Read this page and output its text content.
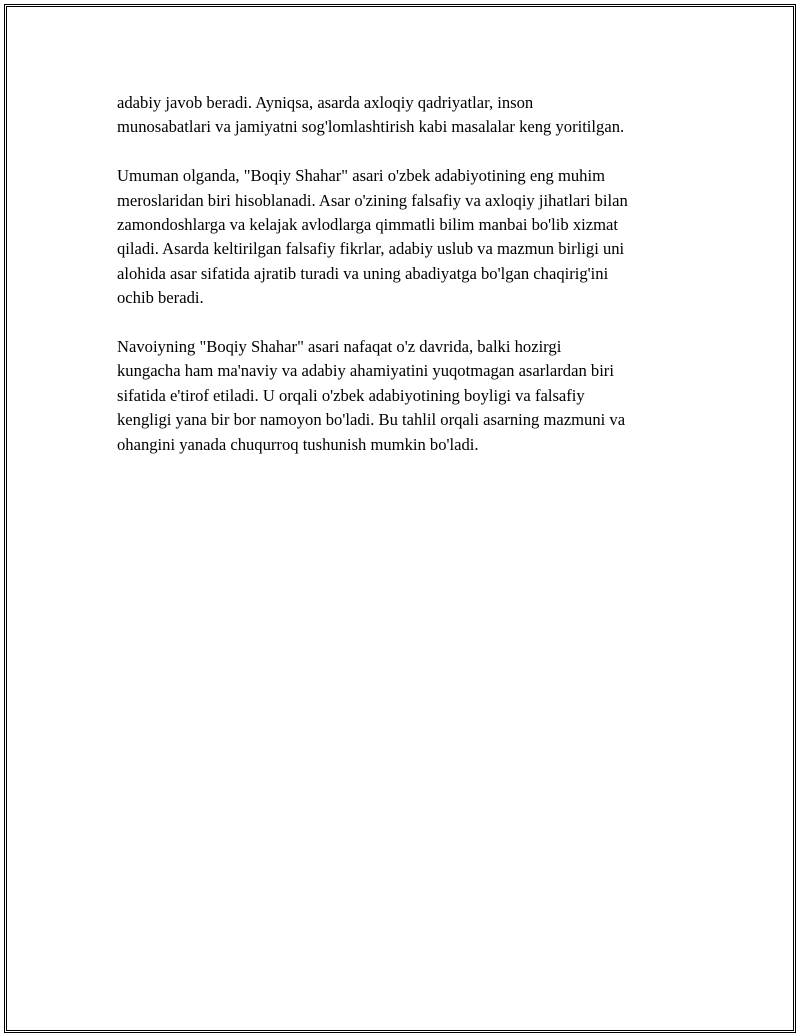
adabiy javob beradi. Ayniqsa, asarda axloqiy qadriyatlar, inson
munosabatlari va jamiyatni sog'lomlashtirish kabi masalalar keng yoritilgan.

Umuman olganda, "Boqiy Shahar" asari o'zbek adabiyotining eng muhim
meroslaridan biri hisoblanadi. Asar o'zining falsafiy va axloqiy jihatlari bilan
zamondoshlarga va kelajak avlodlarga qimmatli bilim manbai bo'lib xizmat
qiladi. Asarda keltirilgan falsafiy fikrlar, adabiy uslub va mazmun birligi uni
alohida asar sifatida ajratib turadi va uning abadiyatga bo'lgan chaqirig'ini
ochib beradi.

Navoiyning "Boqiy Shahar" asari nafaqat o'z davrida, balki hozirgi
kungacha ham ma'naviy va adabiy ahamiyatini yuqotmagan asarlardan biri
sifatida e'tirof etiladi. U orqali o'zbek adabiyotining boyligi va falsafiy
kengligi yana bir bor namoyon bo'ladi. Bu tahlil orqali asarning mazmuni va
ohangini yanada chuqurroq tushunish mumkin bo'ladi.
